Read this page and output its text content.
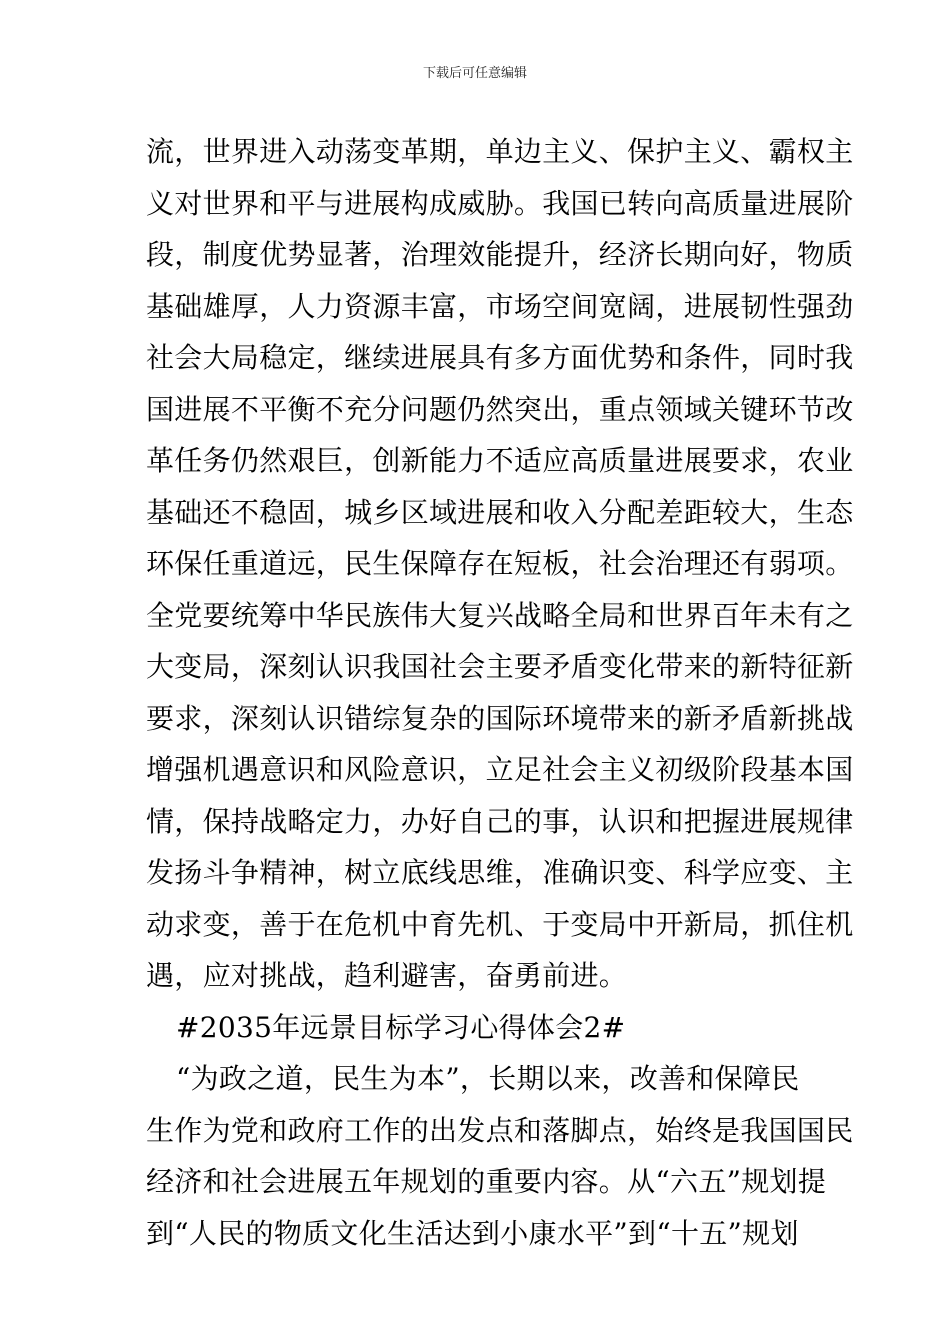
下载后可任意编辑
流，世界进入动荡变革期，单边主义、保护主义、霸权主
义对世界和平与进展构成威胁。我国已转向高质量进展阶
段，制度优势显著，治理效能提升，经济长期向好，物质
基础雄厚，人力资源丰富，市场空间宽阔，进展韧性强劲
社会大局稳定，继续进展具有多方面优势和条件，同时我
国进展不平衡不充分问题仍然突出，重点领域关键环节改
革任务仍然艰巨，创新能力不适应高质量进展要求，农业
基础还不稳固，城乡区域进展和收入分配差距较大，生态
环保任重道远，民生保障存在短板，社会治理还有弱项。
全党要统筹中华民族伟大复兴战略全局和世界百年未有之
大变局，深刻认识我国社会主要矛盾变化带来的新特征新
要求，深刻认识错综复杂的国际环境带来的新矛盾新挑战
增强机遇意识和风险意识，立足社会主义初级阶段基本国
情，保持战略定力，办好自己的事，认识和把握进展规律
发扬斗争精神，树立底线思维，准确识变、科学应变、主
动求变，善于在危机中育先机、于变局中开新局，抓住机
遇，应对挑战，趋利避害，奋勇前进。
#2035年远景目标学习心得体会2#
“为政之道，民生为本”，长期以来，改善和保障民
生作为党和政府工作的出发点和落脚点，始终是我国国民
经济和社会进展五年规划的重要内容。从“六五”规划提
到“人民的物质文化生活达到小康水平”到“十五”规划
